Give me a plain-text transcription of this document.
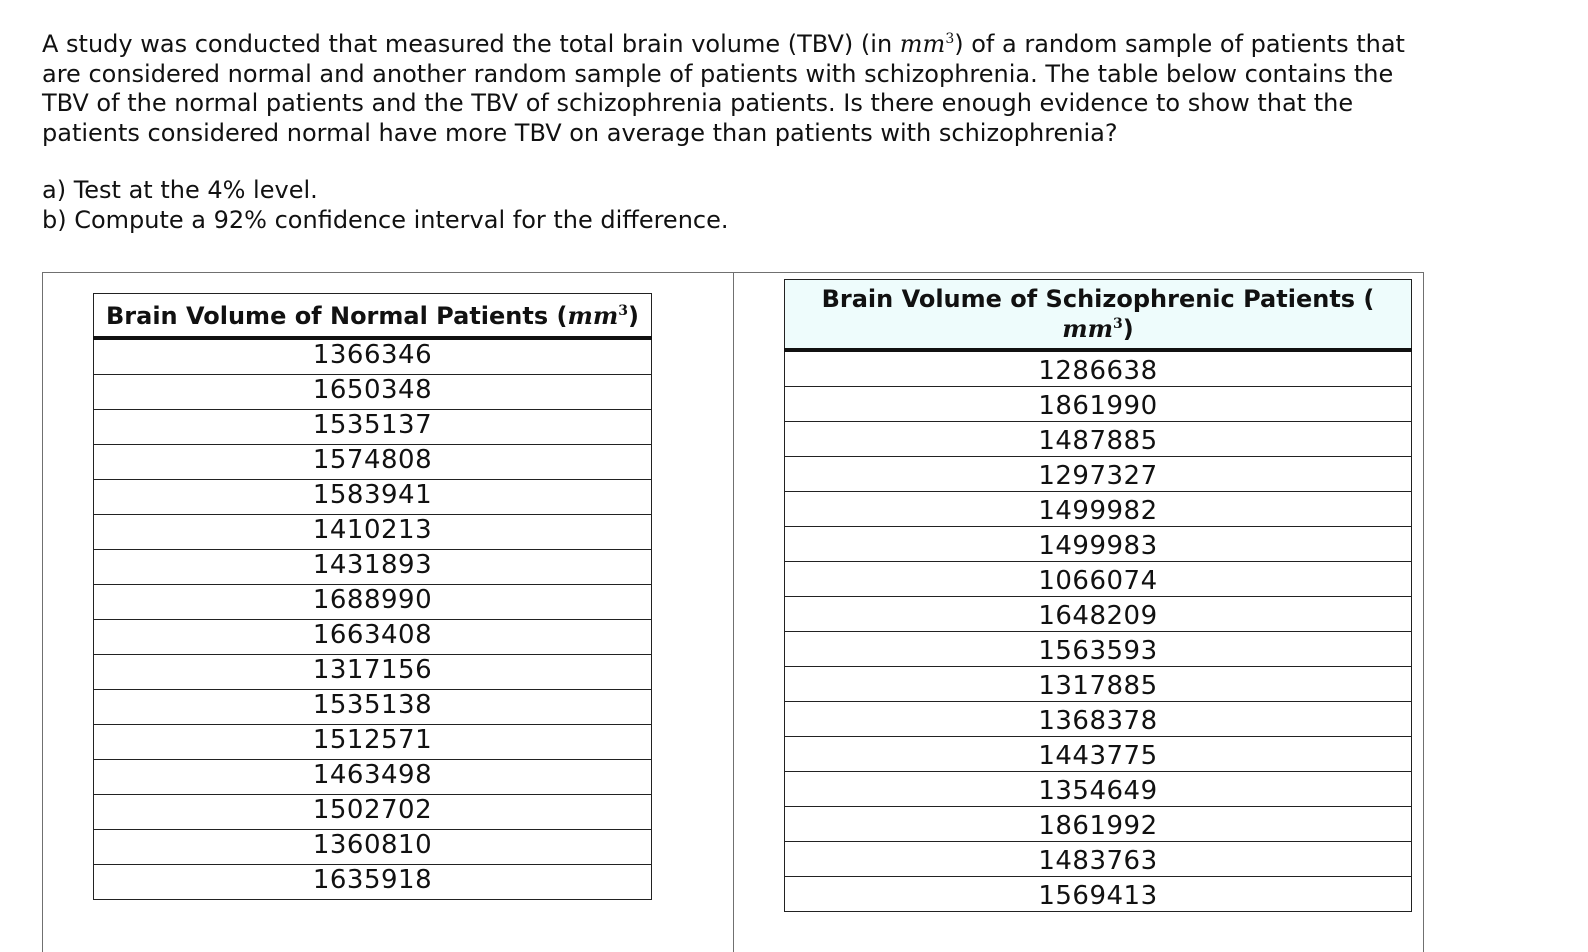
A study was conducted that measured the total brain volume (TBV) (in $mm^3$) of a random sample of patients that are considered normal and another random sample of patients with schizophrenia. The table below contains the TBV of the normal patients and the TBV of schizophrenia patients. Is there enough evidence to show that the patients considered normal have more TBV on average than patients with schizophrenia?

a) Test at the 4% level.
b) Compute a 92% confidence interval for the difference.
Brain Volume of Normal Patients $(mm^3)$
1366346
1650348
1535137
1574808
1583941
1410213
1431893
1688990
1663408
1317156
1535138
1512571
1463498
1502702
1360810
1635918
Brain Volume of Schizophrenic Patients (
$mm^3$)
1286638
1861990
1487885
1297327
1499982
1499983
1066074
1648209
1563593
1317885
1368378
1443775
1354649
1861992
1483763
1569413
